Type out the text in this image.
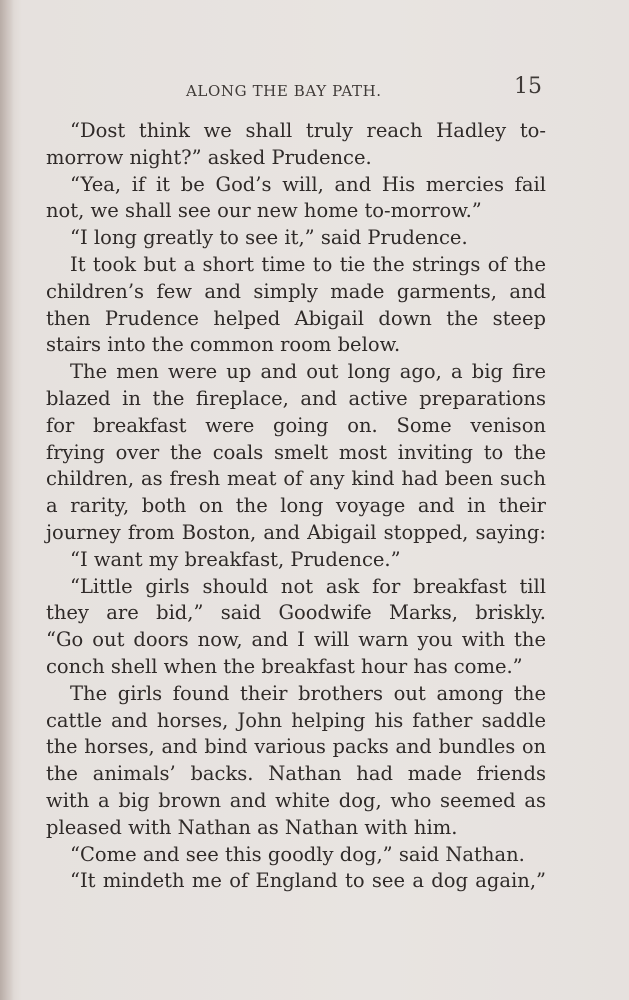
ALONG THE BAY PATH.	15
“Dost think we shall truly reach Hadley to-
morrow night?” asked Prudence.
“Yea, if it be God’s will, and His mercies fail
not, we shall see our new home to-morrow.”
“I long greatly to see it,” said Prudence.
It took but a short time to tie the strings of the
children’s few and simply made garments, and
then Prudence helped Abigail down the steep
stairs into the common room below.
The men were up and out long ago, a big fire
blazed in the fireplace, and active preparations
for breakfast were going on. Some venison
frying over the coals smelt most inviting to the
children, as fresh meat of any kind had been such
a rarity, both on the long voyage and in their
journey from Boston, and Abigail stopped, saying:
“I want my breakfast, Prudence.”
“Little girls should not ask for breakfast till
they are bid,” said Goodwife Marks, briskly.
“Go out doors now, and I will warn you with the
conch shell when the breakfast hour has come.”
The girls found their brothers out among the
cattle and horses, John helping his father saddle
the horses, and bind various packs and bundles on
the animals’ backs. Nathan had made friends
with a big brown and white dog, who seemed as
pleased with Nathan as Nathan with him.
“Come and see this goodly dog,” said Nathan.
“It mindeth me of England to see a dog again,”
